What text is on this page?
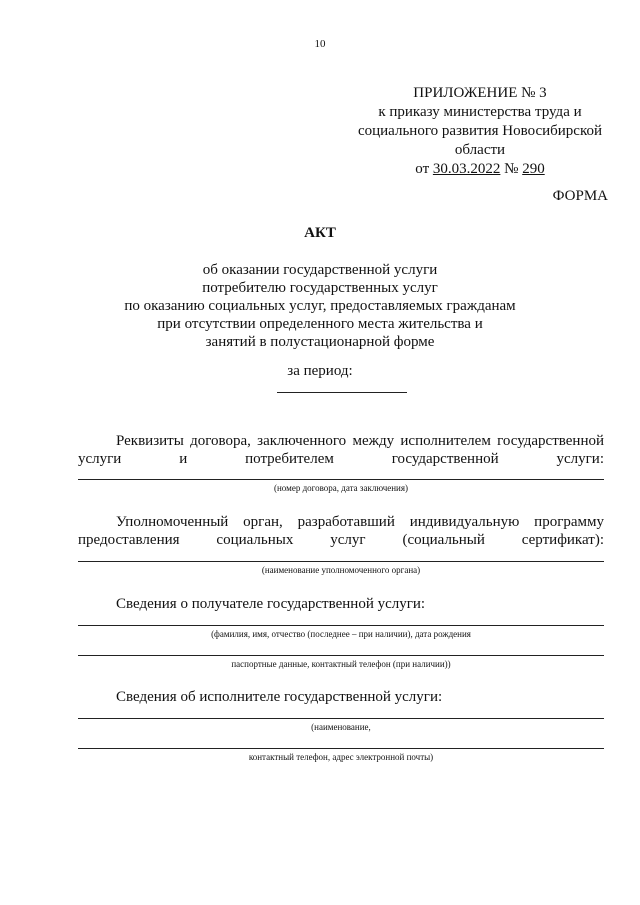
10
ПРИЛОЖЕНИЕ № 3
к приказу министерства труда и
социального развития Новосибирской
области
от 30.03.2022 № 290
ФОРМА
АКТ
об оказании государственной услуги
потребителю государственных услуг
по оказанию социальных услуг, предоставляемых гражданам
при отсутствии определенного места жительства и
занятий в полустационарной форме
за период:
Реквизиты договора, заключенного между исполнителем государственной услуги и потребителем государственной услуги:
(номер договора, дата заключения)
Уполномоченный орган, разработавший индивидуальную программу предоставления социальных услуг (социальный сертификат):
(наименование уполномоченного органа)
Сведения о получателе государственной услуги:
(фамилия, имя, отчество (последнее – при наличии), дата рождения
паспортные данные, контактный телефон (при наличии))
Сведения об исполнителе государственной услуги:
(наименование,
контактный телефон, адрес электронной почты)
